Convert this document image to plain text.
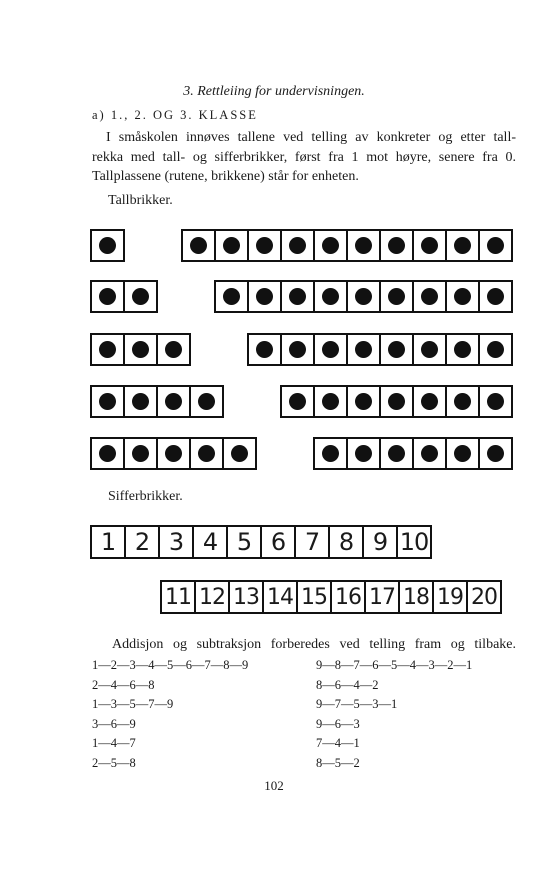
3. Rettleiing for undervisningen.
a) 1., 2. OG 3. KLASSE
I småskolen innøves tallene ved telling av konkreter og etter tall-
rekka med tall- og sifferbrikker, først fra 1 mot høyre, senere fra 0.
Tallplassene (rutene, brikkene) står for enheten.
Tallbrikker.
Sifferbrikker.
1 2 3 4 5 6 7 8 9 10
11 12 13 14 15 16 17 18 19 20
Addisjon og subtraksjon forberedes ved telling fram og tilbake.
1—2—3—4—5—6—7—8—9
2—4—6—8
1—3—5—7—9
3—6—9
1—4—7
2—5—8
9—8—7—6—5—4—3—2—1
8—6—4—2
9—7—5—3—1
9—6—3
7—4—1
8—5—2
102
